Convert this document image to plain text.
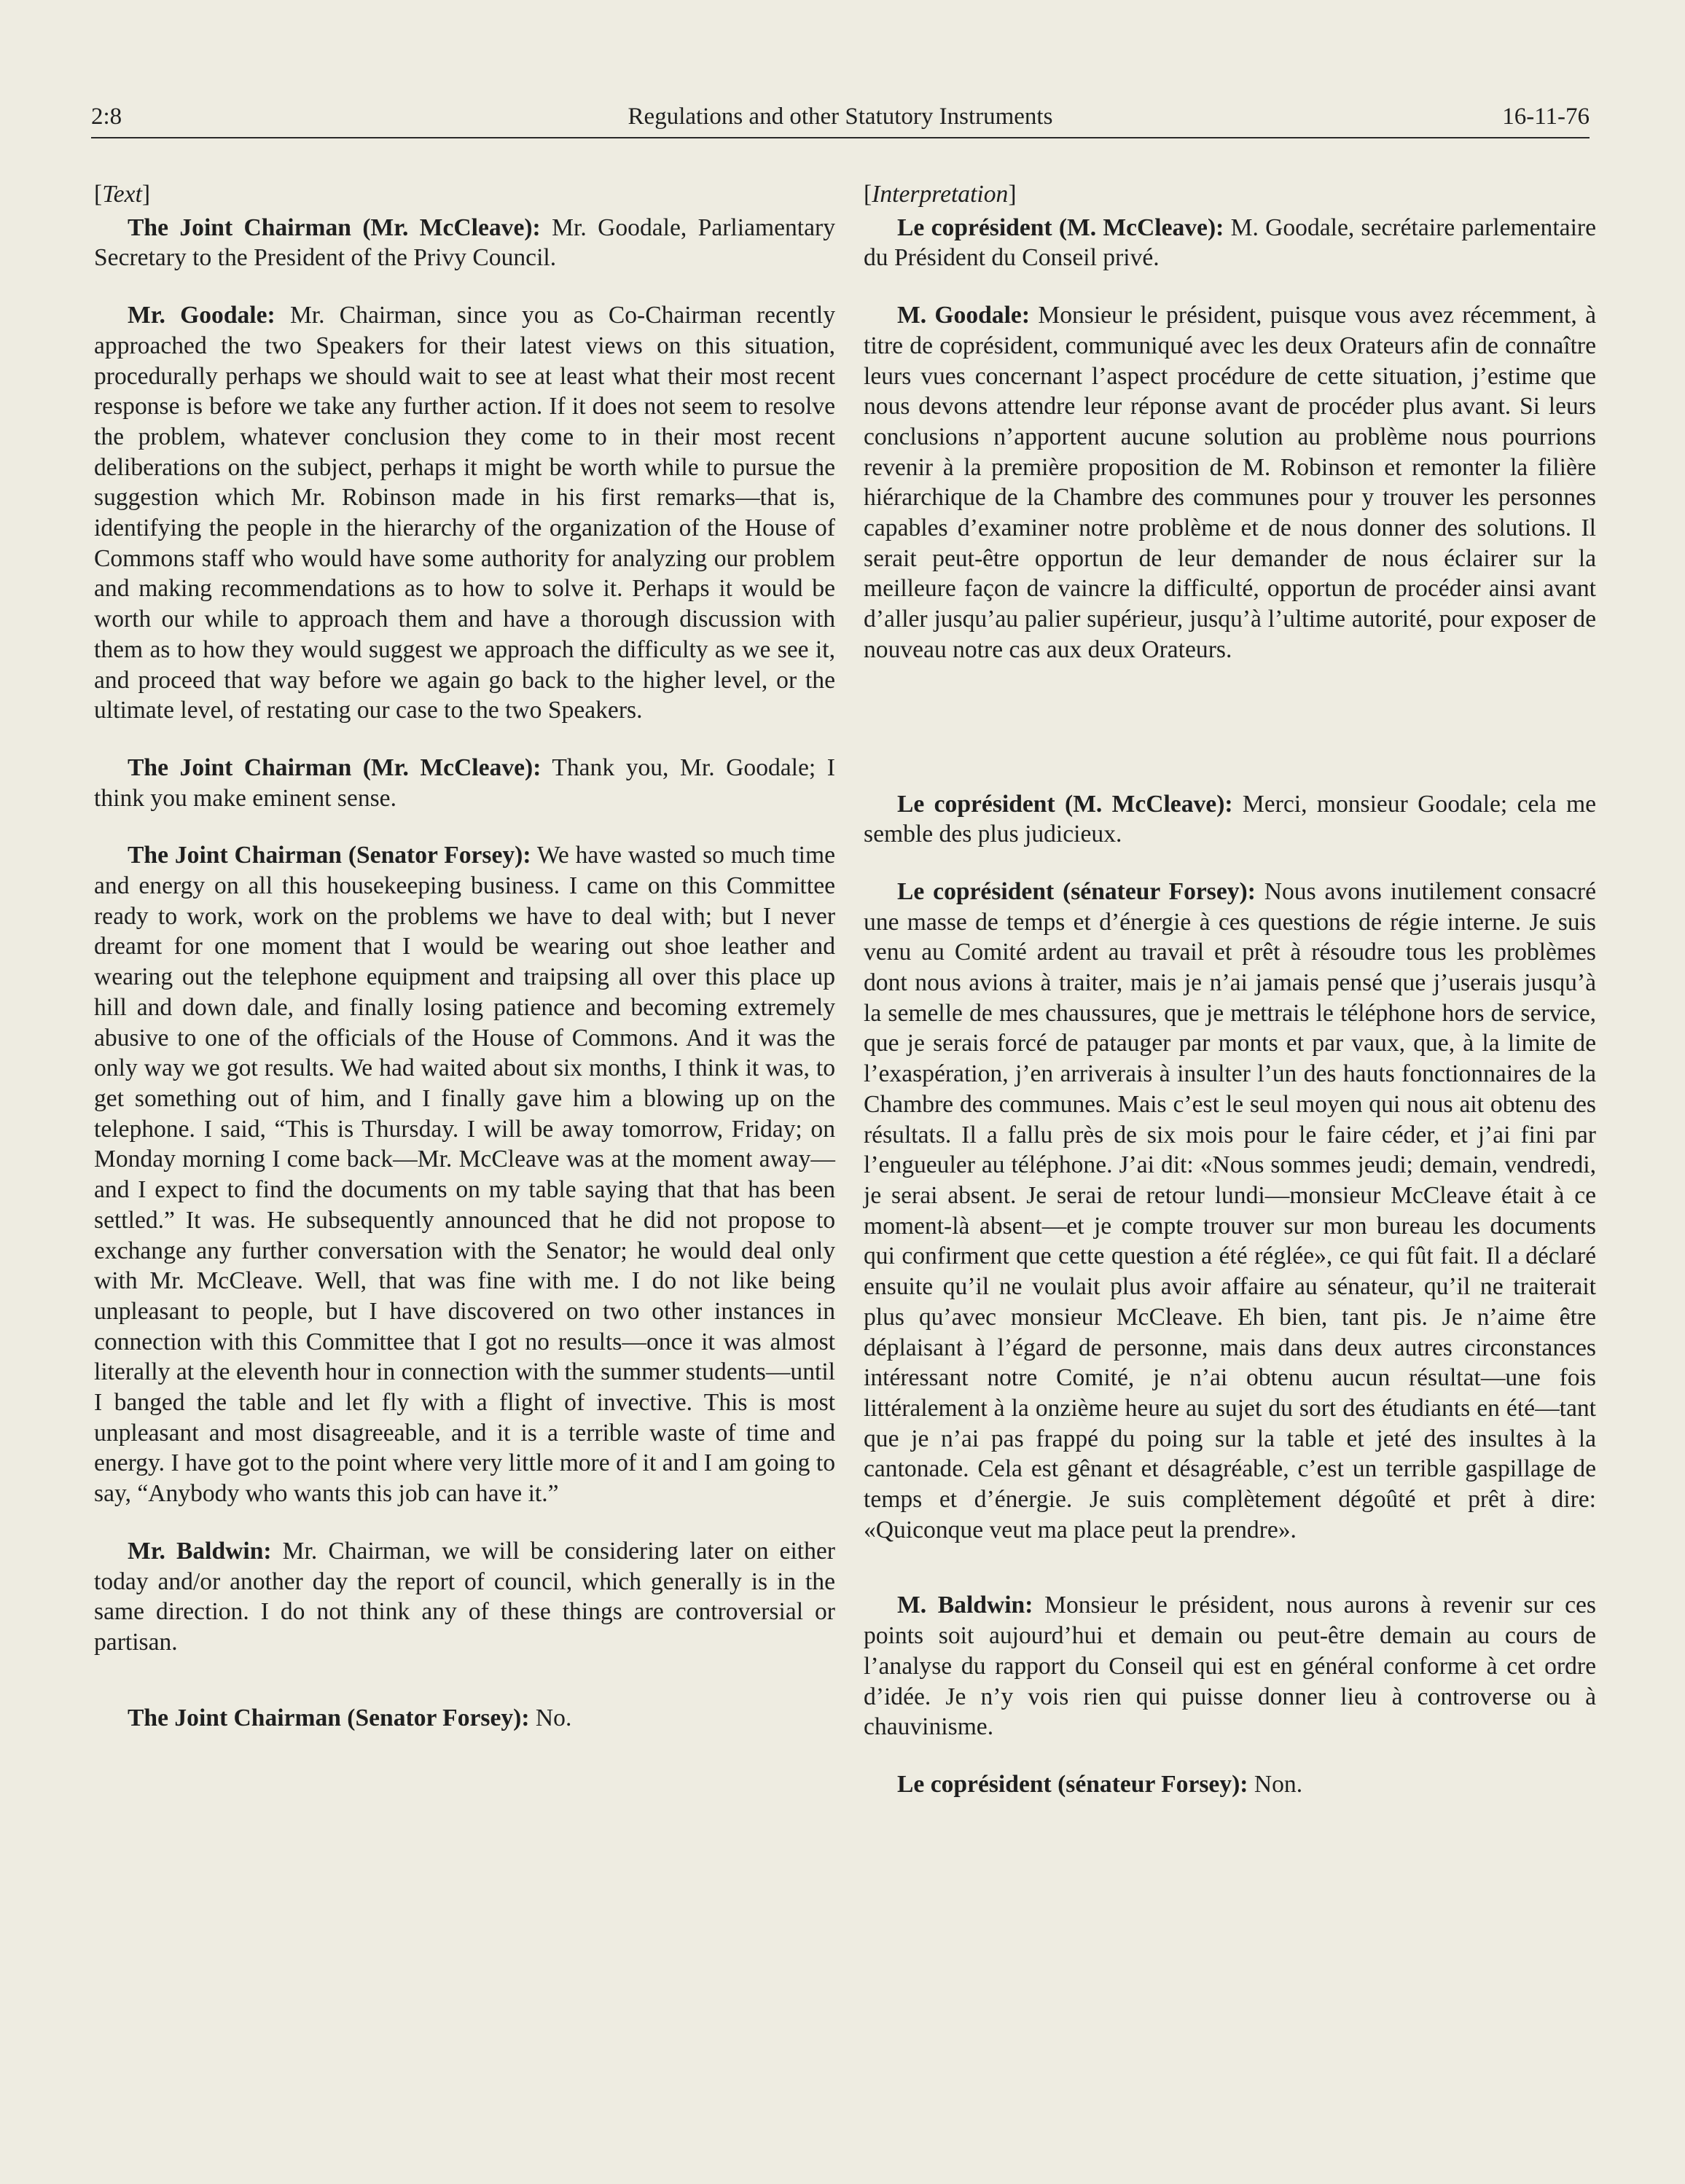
2:8	Regulations and other Statutory Instruments	16-11-76

[Text]

The Joint Chairman (Mr. McCleave): Mr. Goodale, Parliamentary Secretary to the President of the Privy Council.

Mr. Goodale: Mr. Chairman, since you as Co-Chairman recently approached the two Speakers for their latest views on this situation, procedurally perhaps we should wait to see at least what their most recent response is before we take any further action. If it does not seem to resolve the problem, whatever conclusion they come to in their most recent deliberations on the subject, perhaps it might be worth while to pursue the suggestion which Mr. Robinson made in his first remarks—that is, identifying the people in the hierarchy of the organization of the House of Commons staff who would have some authority for analyzing our problem and making recommendations as to how to solve it. Perhaps it would be worth our while to approach them and have a thorough discussion with them as to how they would suggest we approach the difficulty as we see it, and proceed that way before we again go back to the higher level, or the ultimate level, of restating our case to the two Speakers.

The Joint Chairman (Mr. McCleave): Thank you, Mr. Goodale; I think you make eminent sense.

The Joint Chairman (Senator Forsey): We have wasted so much time and energy on all this housekeeping business. I came on this Committee ready to work, work on the problems we have to deal with; but I never dreamt for one moment that I would be wearing out shoe leather and wearing out the telephone equipment and traipsing all over this place up hill and down dale, and finally losing patience and becoming extremely abusive to one of the officials of the House of Commons. And it was the only way we got results. We had waited about six months, I think it was, to get something out of him, and I finally gave him a blowing up on the telephone. I said, “This is Thursday. I will be away tomorrow, Friday; on Monday morning I come back—Mr. McCleave was at the moment away—and I expect to find the documents on my table saying that that has been settled.” It was. He subsequently announced that he did not propose to exchange any further conversation with the Senator; he would deal only with Mr. McCleave. Well, that was fine with me. I do not like being unpleasant to people, but I have discovered on two other instances in connection with this Committee that I got no results—once it was almost literally at the eleventh hour in connection with the summer students—until I banged the table and let fly with a flight of invective. This is most unpleasant and most disagreeable, and it is a terrible waste of time and energy. I have got to the point where very little more of it and I am going to say, “Anybody who wants this job can have it.”

Mr. Baldwin: Mr. Chairman, we will be considering later on either today and/or another day the report of council, which generally is in the same direction. I do not think any of these things are controversial or partisan.

The Joint Chairman (Senator Forsey): No.

[Interpretation]

Le coprésident (M. McCleave): M. Goodale, secrétaire parlementaire du Président du Conseil privé.

M. Goodale: Monsieur le président, puisque vous avez récemment, à titre de coprésident, communiqué avec les deux Orateurs afin de connaître leurs vues concernant l’aspect procédure de cette situation, j’estime que nous devons attendre leur réponse avant de procéder plus avant. Si leurs conclusions n’apportent aucune solution au problème nous pourrions revenir à la première proposition de M. Robinson et remonter la filière hiérarchique de la Chambre des communes pour y trouver les personnes capables d’examiner notre problème et de nous donner des solutions. Il serait peut-être opportun de leur demander de nous éclairer sur la meilleure façon de vaincre la difficulté, opportun de procéder ainsi avant d’aller jusqu’au palier supérieur, jusqu’à l’ultime autorité, pour exposer de nouveau notre cas aux deux Orateurs.

Le coprésident (M. McCleave): Merci, monsieur Goodale; cela me semble des plus judicieux.

Le coprésident (sénateur Forsey): Nous avons inutilement consacré une masse de temps et d’énergie à ces questions de régie interne. Je suis venu au Comité ardent au travail et prêt à résoudre tous les problèmes dont nous avions à traiter, mais je n’ai jamais pensé que j’userais jusqu’à la semelle de mes chaussures, que je mettrais le téléphone hors de service, que je serais forcé de patauger par monts et par vaux, que, à la limite de l’exaspération, j’en arriverais à insulter l’un des hauts fonctionnaires de la Chambre des communes. Mais c’est le seul moyen qui nous ait obtenu des résultats. Il a fallu près de six mois pour le faire céder, et j’ai fini par l’engueuler au téléphone. J’ai dit: «Nous sommes jeudi; demain, vendredi, je serai absent. Je serai de retour lundi—monsieur McCleave était à ce moment-là absent—et je compte trouver sur mon bureau les documents qui confirment que cette question a été réglée», ce qui fût fait. Il a déclaré ensuite qu’il ne voulait plus avoir affaire au sénateur, qu’il ne traiterait plus qu’avec monsieur McCleave. Eh bien, tant pis. Je n’aime être déplaisant à l’égard de personne, mais dans deux autres circonstances intéressant notre Comité, je n’ai obtenu aucun résultat—une fois littéralement à la onzième heure au sujet du sort des étudiants en été—tant que je n’ai pas frappé du poing sur la table et jeté des insultes à la cantonade. Cela est gênant et désagréable, c’est un terrible gaspillage de temps et d’énergie. Je suis complètement dégoûté et prêt à dire: «Quiconque veut ma place peut la prendre».

M. Baldwin: Monsieur le président, nous aurons à revenir sur ces points soit aujourd’hui et demain ou peut-être demain au cours de l’analyse du rapport du Conseil qui est en général conforme à cet ordre d’idée. Je n’y vois rien qui puisse donner lieu à controverse ou à chauvinisme.

Le coprésident (sénateur Forsey): Non.
